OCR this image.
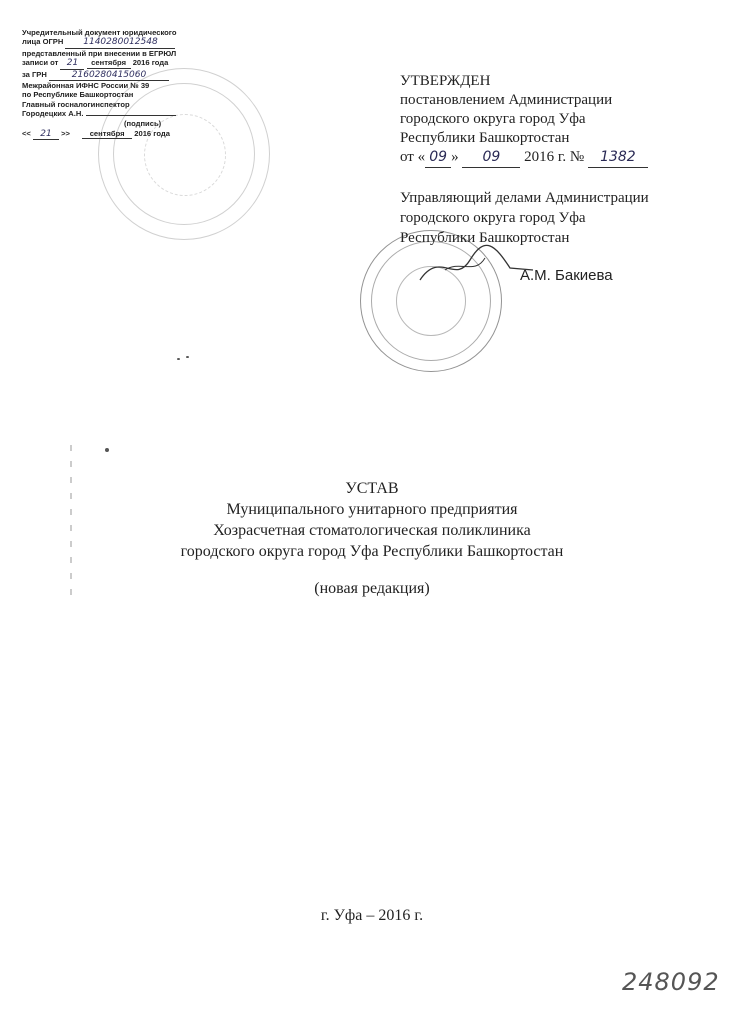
Учредительный документ юридического
лица ОГРН 1140280012548
представленный при внесении в ЕГРЮЛ
записи от 21 сентября 2016 года
за ГРН	2160280415060
Межрайонная ИФНС России № 39
по Республике Башкортостан
Главный госналогинспектор
Городецких А.Н.
(подпись)
<< 21 >>	сентября 2016 года
УТВЕРЖДЕН
постановлением Администрации
городского округа город Уфа
Республики Башкортостан
от « 09 » 09 2016 г. № 1382
Управляющий делами Администрации
городского округа город Уфа
Республики Башкортостан
А.М. Бакиева
УСТАВ
Муниципального унитарного предприятия
Хозрасчетная стоматологическая поликлиника
городского округа город Уфа Республики Башкортостан
(новая редакция)
г. Уфа – 2016 г.
248092
